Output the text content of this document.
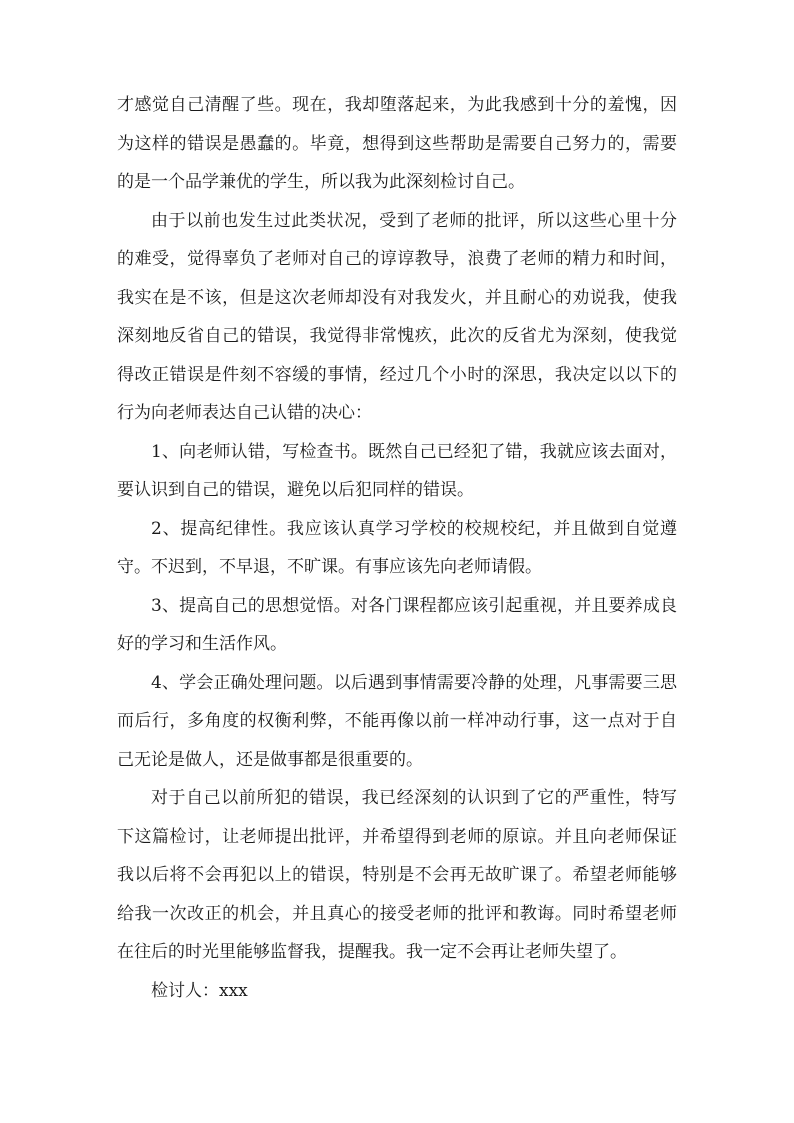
才感觉自己清醒了些。现在，我却堕落起来，为此我感到十分的羞愧，因为这样的错误是愚蠢的。毕竟，想得到这些帮助是需要自己努力的，需要的是一个品学兼优的学生，所以我为此深刻检讨自己。

由于以前也发生过此类状况，受到了老师的批评，所以这些心里十分的难受，觉得辜负了老师对自己的谆谆教导，浪费了老师的精力和时间，我实在是不该，但是这次老师却没有对我发火，并且耐心的劝说我，使我深刻地反省自己的错误，我觉得非常愧疚，此次的反省尤为深刻，使我觉得改正错误是件刻不容缓的事情，经过几个小时的深思，我决定以以下的行为向老师表达自己认错的决心：

1、向老师认错，写检查书。既然自己已经犯了错，我就应该去面对，要认识到自己的错误，避免以后犯同样的错误。

2、提高纪律性。我应该认真学习学校的校规校纪，并且做到自觉遵守。不迟到，不早退，不旷课。有事应该先向老师请假。

3、提高自己的思想觉悟。对各门课程都应该引起重视，并且要养成良好的学习和生活作风。

4、学会正确处理问题。以后遇到事情需要冷静的处理，凡事需要三思而后行，多角度的权衡利弊，不能再像以前一样冲动行事，这一点对于自己无论是做人，还是做事都是很重要的。

对于自己以前所犯的错误，我已经深刻的认识到了它的严重性，特写下这篇检讨，让老师提出批评，并希望得到老师的原谅。并且向老师保证我以后将不会再犯以上的错误，特别是不会再无故旷课了。希望老师能够给我一次改正的机会，并且真心的接受老师的批评和教诲。同时希望老师在往后的时光里能够监督我，提醒我。我一定不会再让老师失望了。

检讨人：xxx
